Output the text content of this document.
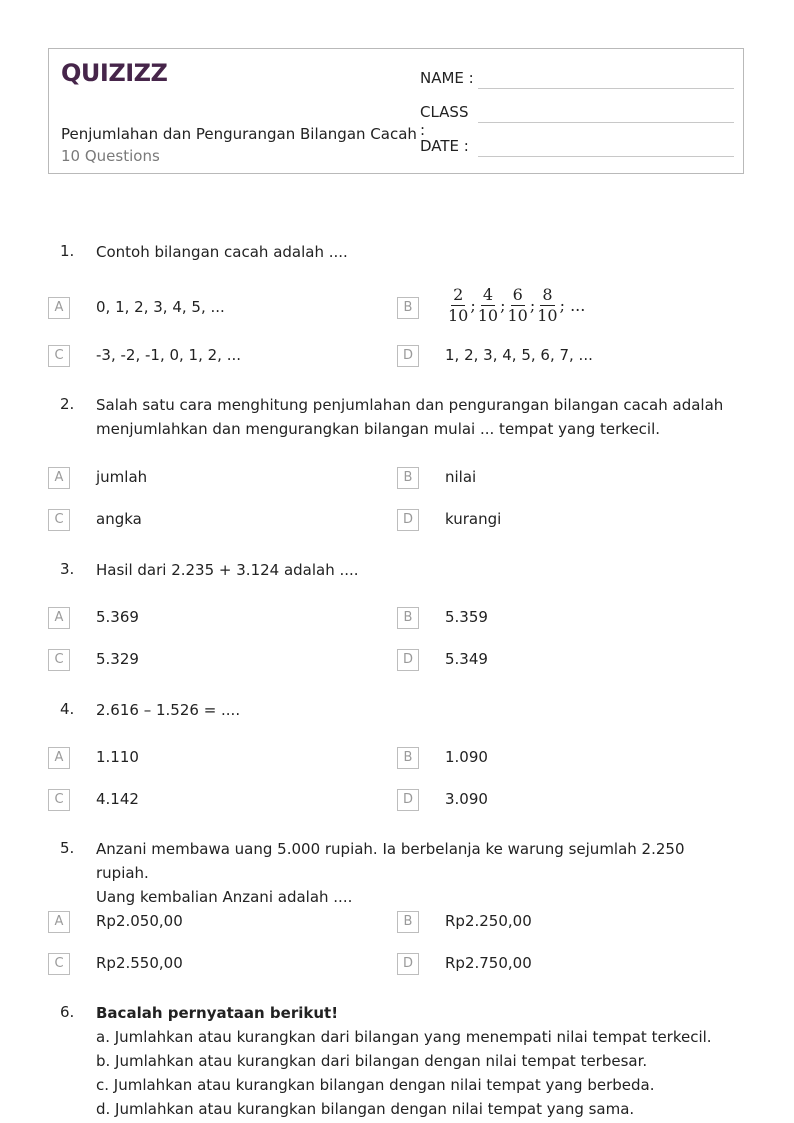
QUIZIZZ
Penjumlahan dan Pengurangan Bilangan Cacah
10 Questions
NAME :
CLASS :
DATE :
1. Contoh bilangan cacah adalah ....
A	0, 1, 2, 3, 4, 5, ...	B	$\frac{2}{10}$ ; $\frac{4}{10}$ ; $\frac{6}{10}$ ; $\frac{8}{10}$ ; ...
C	-3, -2, -1, 0, 1, 2, ...	D	1, 2, 3, 4, 5, 6, 7, ...
2. Salah satu cara menghitung penjumlahan dan pengurangan bilangan cacah adalah
menjumlahkan dan mengurangkan bilangan mulai ... tempat yang terkecil.
A	jumlah	B	nilai
C	angka	D	kurangi
3. Hasil dari 2.235 + 3.124 adalah ....
A	5.369	B	5.359
C	5.329	D	5.349
4. 2.616 – 1.526 = ....
A	1.110	B	1.090
C	4.142	D	3.090
5. Anzani membawa uang 5.000 rupiah. Ia berbelanja ke warung sejumlah 2.250 rupiah.
Uang kembalian Anzani adalah ....
A	Rp2.050,00	B	Rp2.250,00
C	Rp2.550,00	D	Rp2.750,00
6. Bacalah pernyataan berikut!
a. Jumlahkan atau kurangkan dari bilangan yang menempati nilai tempat terkecil.
b. Jumlahkan atau kurangkan dari bilangan dengan nilai tempat terbesar.
c. Jumlahkan atau kurangkan bilangan dengan nilai tempat yang berbeda.
d. Jumlahkan atau kurangkan bilangan dengan nilai tempat yang sama.
